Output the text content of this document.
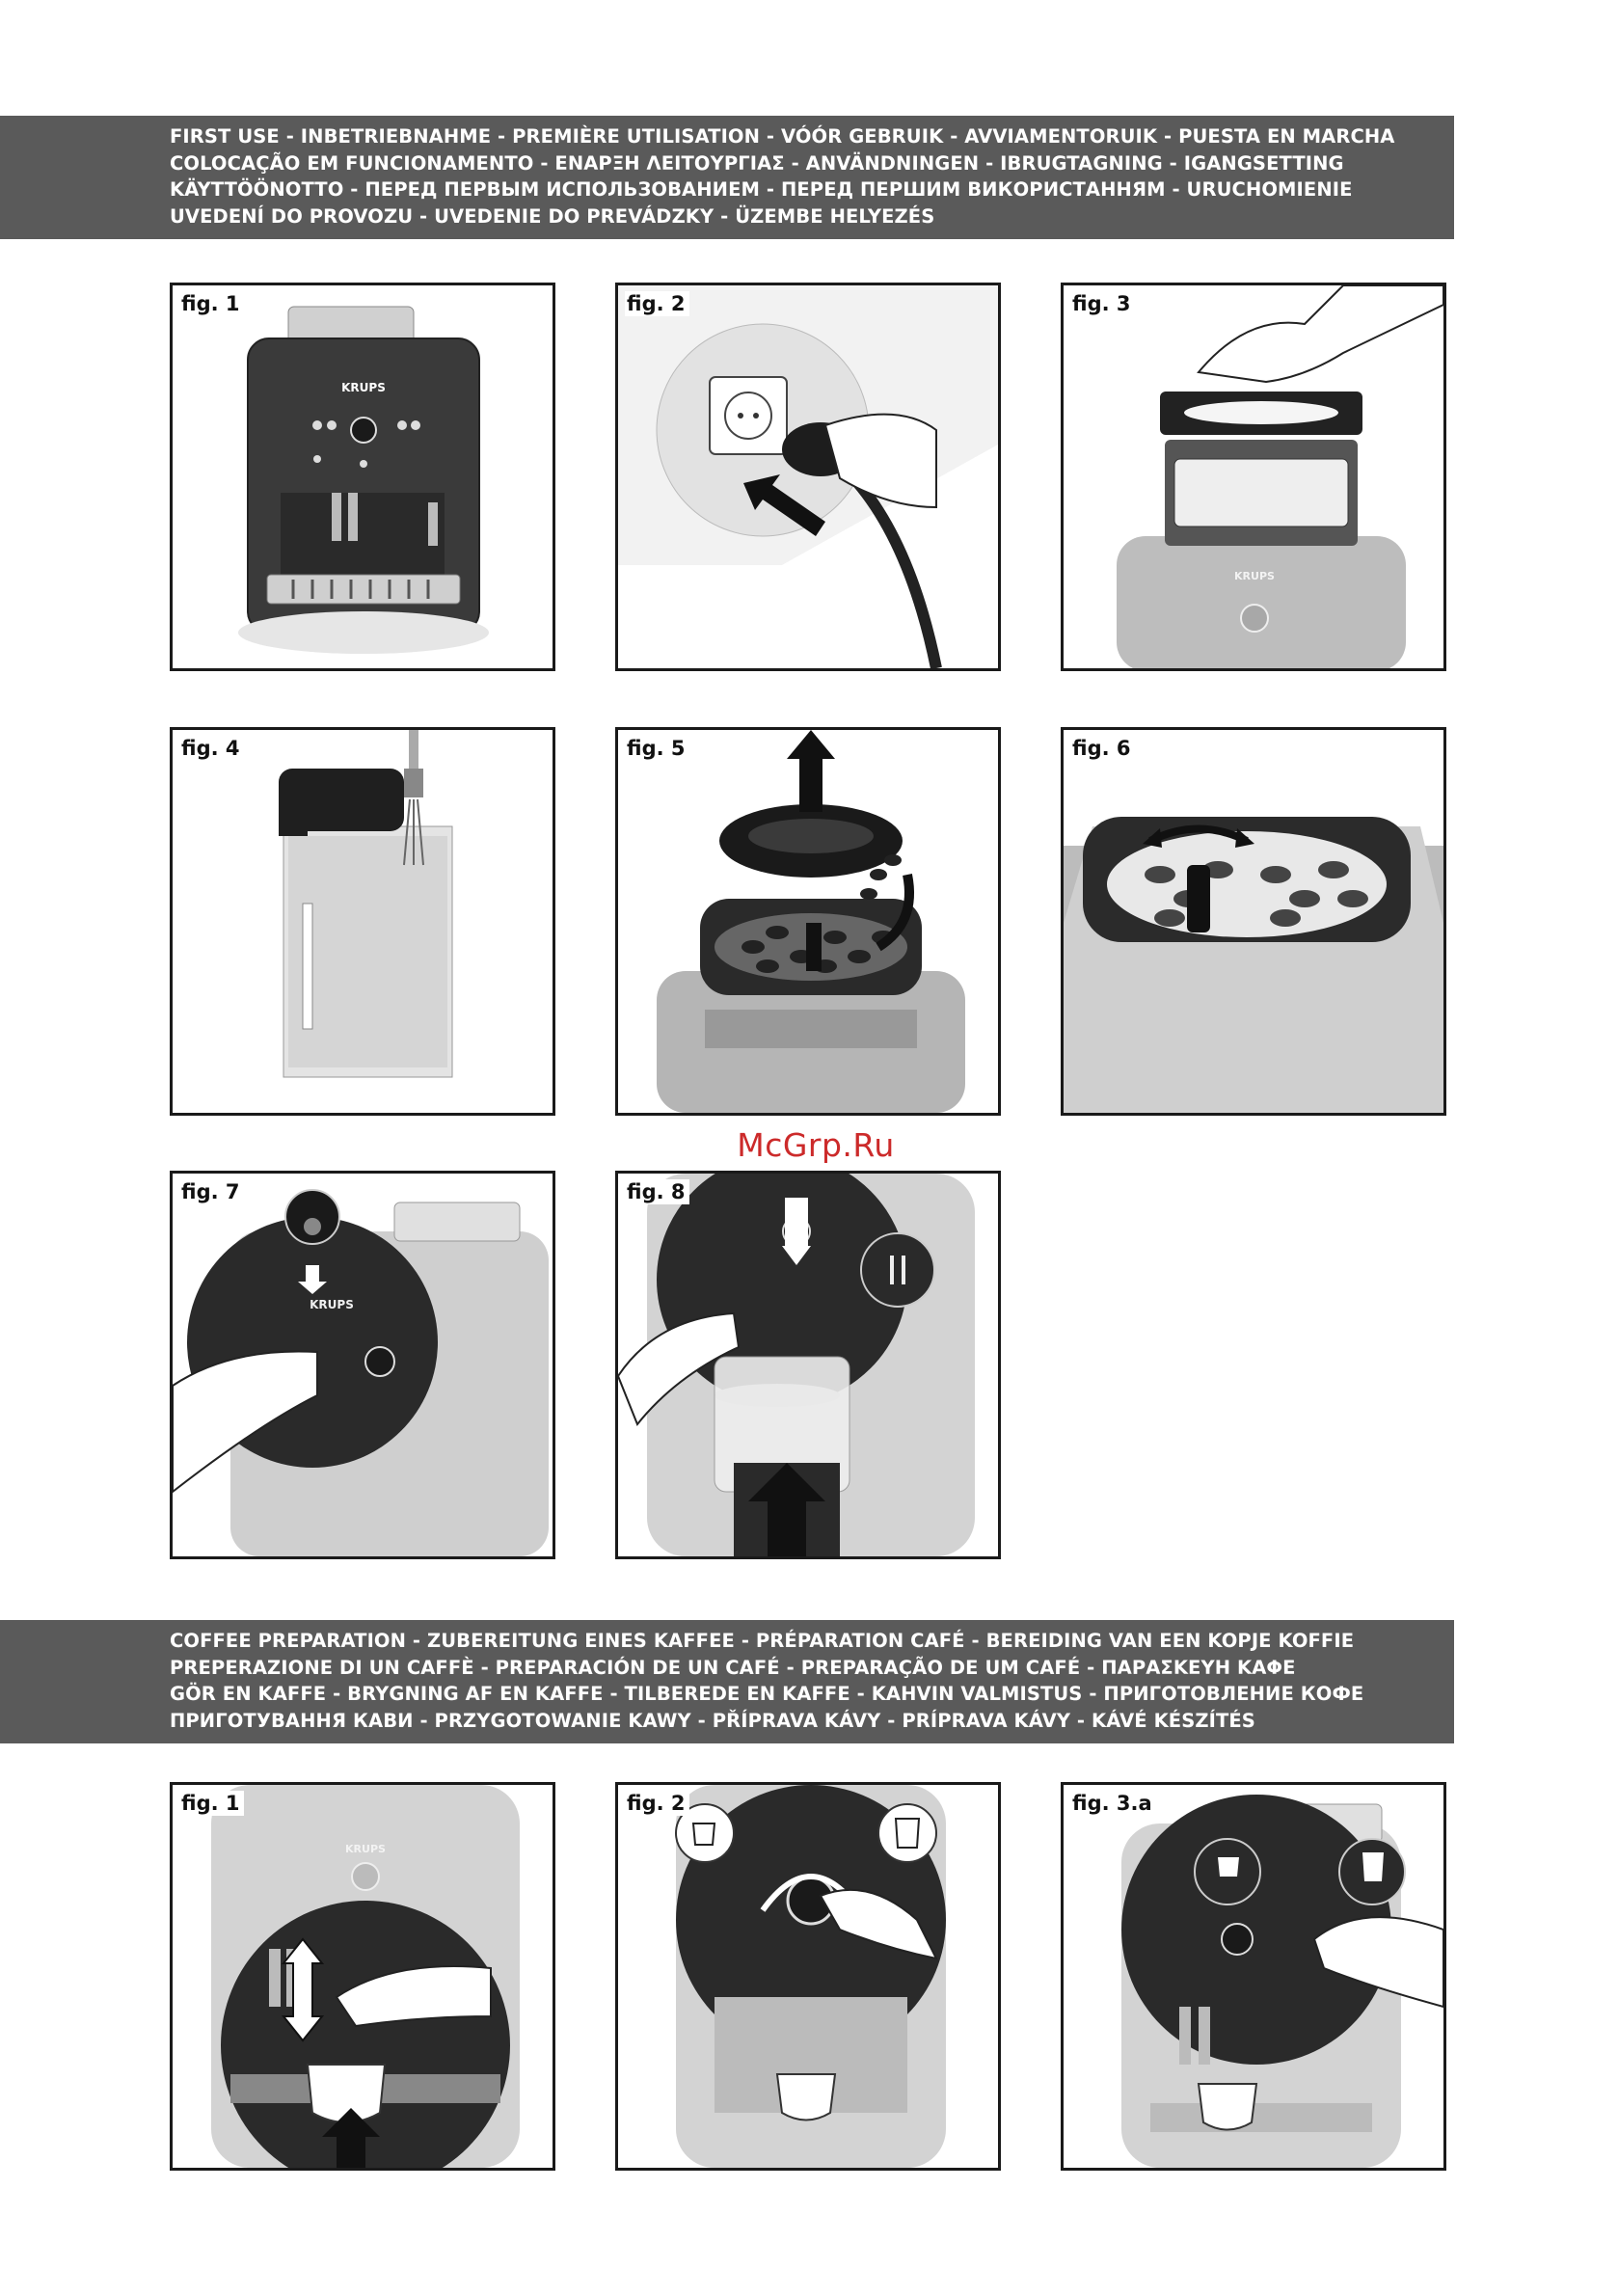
FIRST USE - INBETRIEBNAHME - PREMIÈRE UTILISATION - VÓÓR GEBRUIK - AVVIAMENTORUIK - PUESTA EN MARCHA
COLOCAÇÃO EM FUNCIONAMENTO - ΕΝΑΡΞΗ ΛΕΙΤΟΥΡΓΙΑΣ - ANVÄNDNINGEN - IBRUGTAGNING - IGANGSETTING
KÄYTTÖÖNOTTO - ПЕРЕД ПЕРВЫМ ИСПОЛЬЗОВАНИЕМ - ПЕРЕД ПЕРШИМ ВИКОРИСТАННЯМ - URUCHOMIENIE
UVEDENÍ DO PROVOZU - UVEDENIE DO PREVÁDZKY - ÜZEMBE HELYEZÉS
fig. 1
KRUPS
fig. 2	fig. 3
KRUPS
fig. 4	fig. 5	fig. 6
fig. 7
KRUPS
fig. 8
McGrp.Ru
COFFEE PREPARATION - ZUBEREITUNG EINES KAFFEE - PRÉPARATION CAFÉ - BEREIDING VAN EEN KOPJE KOFFIE
PREPERAZIONE DI UN CAFFÈ - PREPARACIÓN DE UN CAFÉ - PREPARAÇÃO DE UM CAFÉ - ΠΑΡΑΣΚΕΥΗ ΚΑΦΕ
GÖR EN KAFFE - BRYGNING AF EN KAFFE - TILBEREDE EN KAFFE - KAHVIN VALMISTUS - ПРИГОТОВЛЕНИЕ КОФЕ
ПРИГОТУВАННЯ КАВИ - PRZYGOTOWANIE KAWY - PŘÍPRAVA KÁVY - PRÍPRAVA KÁVY - KÁVÉ KÉSZÍTÉS
fig. 1
KRUPS
fig. 2	fig. 3.a
